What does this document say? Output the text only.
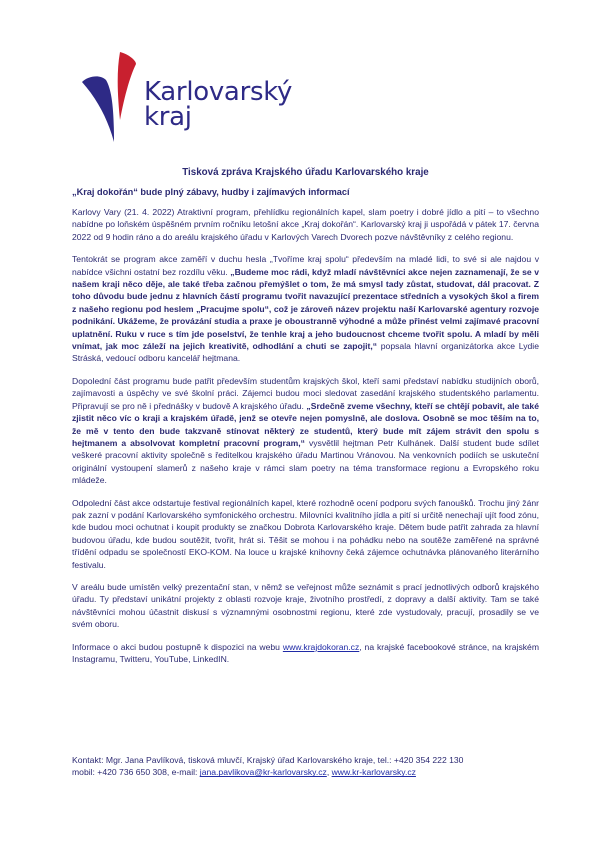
Karlovarský
kraj
Tisková zpráva Krajského úřadu Karlovarského kraje
„Kraj dokořán“ bude plný zábavy, hudby i zajímavých informací

Karlovy Vary (21. 4. 2022) Atraktivní program, přehlídku regionálních kapel, slam poetry i dobré jídlo a pití – to všechno nabídne po loňském úspěšném prvním ročníku letošní akce „Kraj dokořán“. Karlovarský kraj ji uspořádá v pátek 17. června 2022 od 9 hodin ráno a do areálu krajského úřadu v Karlových Varech Dvorech pozve návštěvníky z celého regionu.

Tentokrát se program akce zaměří v duchu hesla „Tvoříme kraj spolu“ především na mladé lidi, to své si ale najdou v nabídce všichni ostatní bez rozdílu věku. „Budeme moc rádi, když mladí návštěvníci akce nejen zaznamenají, že se v našem kraji něco děje, ale také třeba začnou přemýšlet o tom, že má smysl tady zůstat, studovat, dál pracovat. Z toho důvodu bude jednu z hlavních částí programu tvořit navazující prezentace středních a vysokých škol a firem z našeho regionu pod heslem „Pracujme spolu“, což je zároveň název projektu naší Karlovarské agentury rozvoje podnikání. Ukážeme, že provázání studia a praxe je oboustranně výhodné a může přinést velmi zajímavé pracovní uplatnění. Ruku v ruce s tím jde poselství, že tenhle kraj a jeho budoucnost chceme tvořit spolu. A mladí by měli vnímat, jak moc záleží na jejich kreativitě, odhodlání a chuti se zapojit,“ popsala hlavní organizátorka akce Lydie Stráská, vedoucí odboru kancelář hejtmana.

Dopolední část programu bude patřit především studentům krajských škol, kteří sami představí nabídku studijních oborů, zajímavosti a úspěchy ve své školní práci. Zájemci budou moci sledovat zasedání krajského studentského parlamentu. Připravují se pro ně i přednášky v budově A krajského úřadu. „Srdečně zveme všechny, kteří se chtějí pobavit, ale také zjistit něco víc o kraji a krajském úřadě, jenž se otevře nejen pomyslně, ale doslova. Osobně se moc těším na to, že mě v tento den bude takzvaně stínovat některý ze studentů, který bude mít zájem strávit den spolu s hejtmanem a absolvovat kompletní pracovní program,“ vysvětlil hejtman Petr Kulhánek. Další student bude sdílet veškeré pracovní aktivity společně s ředitelkou krajského úřadu Martinou Vránovou. Na venkovních podiích se uskuteční originální vystoupení slamerů z našeho kraje v rámci slam poetry na téma transformace regionu a Evropského roku mládeže.

Odpolední část akce odstartuje festival regionálních kapel, které rozhodně ocení podporu svých fanoušků. Trochu jiný žánr pak zazní v podání Karlovarského symfonického orchestru. Milovníci kvalitního jídla a pití si určitě nenechají ujít food zónu, kde budou moci ochutnat i koupit produkty se značkou Dobrota Karlovarského kraje. Dětem bude patřit zahrada za hlavní budovou úřadu, kde budou soutěžit, tvořit, hrát si. Těšit se mohou i na pohádku nebo na soutěže zaměřené na správné třídění odpadu se společností EKO-KOM. Na louce u krajské knihovny čeká zájemce ochutnávka plánovaného literárního festivalu.

V areálu bude umístěn velký prezentační stan, v němž se veřejnost může seznámit s prací jednotlivých odborů krajského úřadu. Ty představí unikátní projekty z oblasti rozvoje kraje, životního prostředí, z dopravy a další aktivity. Tam se také návštěvníci mohou účastnit diskusí s významnými osobnostmi regionu, které zde vystudovaly, pracují, prosadily se ve svém oboru.

Informace o akci budou postupně k dispozici na webu www.krajdokoran.cz, na krajské facebookové stránce, na krajském Instagramu, Twitteru, YouTube, LinkedIN.

Kontakt: Mgr. Jana Pavlíková, tisková mluvčí, Krajský úřad Karlovarského kraje, tel.: +420 354 222 130
mobil: +420 736 650 308, e-mail: jana.pavlikova@kr-karlovarsky.cz, www.kr-karlovarsky.cz
